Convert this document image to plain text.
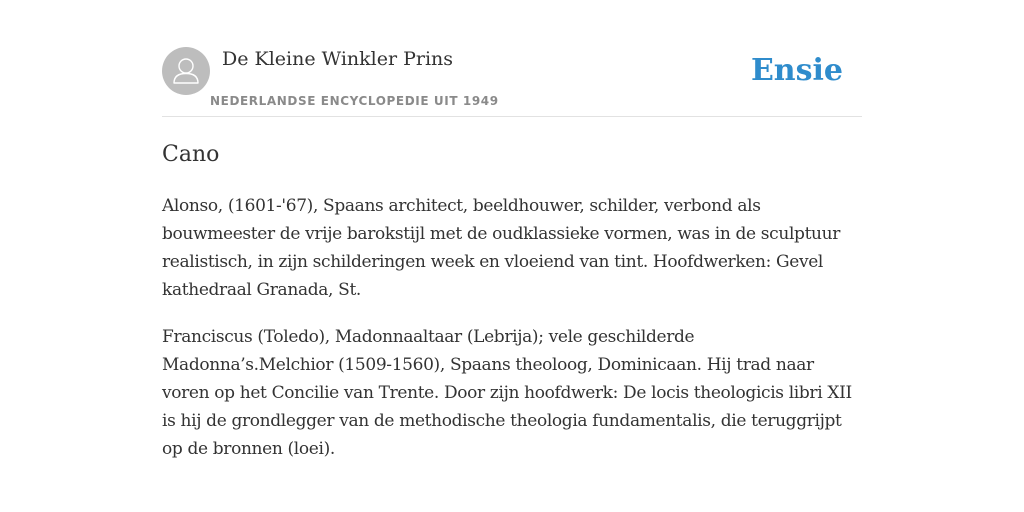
De Kleine Winkler Prins
NEDERLANDSE ENCYCLOPEDIE UIT 1949
Ensie
Cano

Alonso, (1601-'67), Spaans architect, beeldhouwer, schilder, verbond als bouwmeester de vrije barokstijl met de oudklassieke vormen, was in de sculptuur realistisch, in zijn schilderingen week en vloeiend van tint. Hoofdwerken: Gevel kathedraal Granada, St.

Franciscus (Toledo), Madonnaaltaar (Lebrija); vele geschilderde Madonna’s.Melchior (1509-1560), Spaans theoloog, Dominicaan. Hij trad naar voren op het Concilie van Trente. Door zijn hoofdwerk: De locis theologicis libri XII is hij de grondlegger van de methodische theologia fundamentalis, die teruggrijpt op de bronnen (loei).
